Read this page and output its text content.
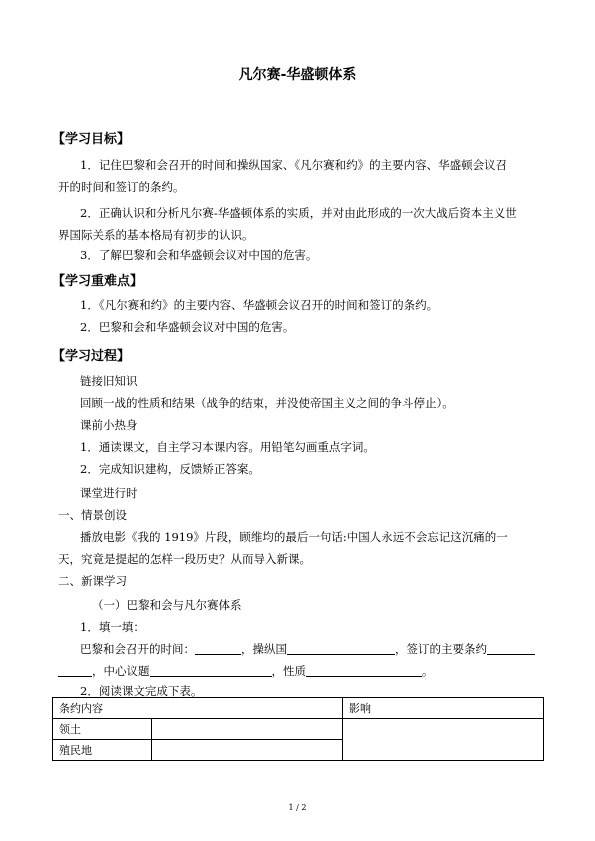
凡尔赛-华盛顿体系
【学习目标】
1．记住巴黎和会召开的时间和操纵国家、《凡尔赛和约》的主要内容、华盛顿会议召
开的时间和签订的条约。
2．正确认识和分析凡尔赛-华盛顿体系的实质，并对由此形成的一次大战后资本主义世
界国际关系的基本格局有初步的认识。
3．了解巴黎和会和华盛顿会议对中国的危害。
【学习重难点】
1．《凡尔赛和约》的主要内容、华盛顿会议召开的时间和签订的条约。
2．巴黎和会和华盛顿会议对中国的危害。
【学习过程】
链接旧知识
回顾一战的性质和结果（战争的结束，并没使帝国主义之间的争斗停止）。
课前小热身
1．通读课文，自主学习本课内容。用铅笔勾画重点字词。
2．完成知识建构，反馈矫正答案。
课堂进行时
一、情景创设
播放电影《我的 1919》片段，顾维均的最后一句话:中国人永远不会忘记这沉痛的一
天，究竟是提起的怎样一段历史？从而导入新课。
二、新课学习
（一）巴黎和会与凡尔赛体系
1．填一填：
巴黎和会召开的时间：	，操纵国	，签订的主要条约
，中心议题	，性质	。
2．阅读课文完成下表。
条约内容		影响
领土		
殖民地		
1 / 2
